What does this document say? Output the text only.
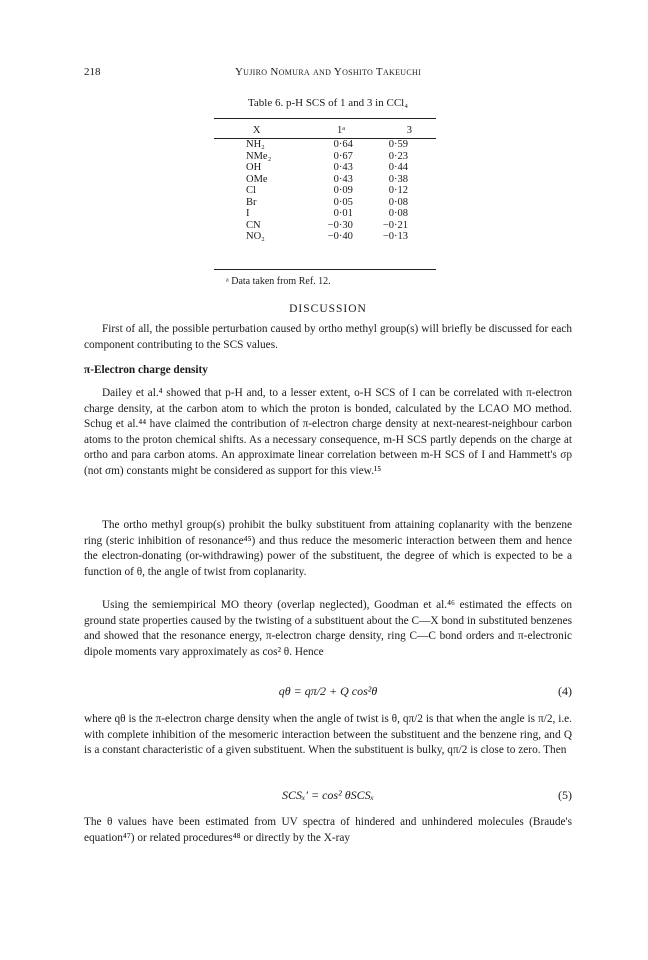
218	Yujiro Nomura and Yoshito Takeuchi
Table 6. p-H SCS of 1 and 3 in CCl₄
X	1ᵃ	3
NH₂	0·64	0·59
NMe₂	0·67	0·23
OH	0·43	0·44
OMe	0·43	0·38
Cl	0·09	0·12
Br	0·05	0·08
I	0·01	0·08
CN	−0·30	−0·21
NO₂	−0·40	−0·13
ᵃ Data taken from Ref. 12.
DISCUSSION

First of all, the possible perturbation caused by ortho methyl group(s) will briefly be discussed for each component contributing to the SCS values.

π-Electron charge density

Dailey et al.⁴ showed that p-H and, to a lesser extent, o-H SCS of I can be correlated with π-electron charge density, at the carbon atom to which the proton is bonded, calculated by the LCAO MO method. Schug et al.⁴⁴ have claimed the contribution of π-electron charge density at next-nearest-neighbour carbon atoms to the proton chemical shifts. As a necessary consequence, m-H SCS partly depends on the charge at ortho and para carbon atoms. An approximate linear correlation between m-H SCS of I and Hammett's σp (not σm) constants might be considered as support for this view.¹⁵

The ortho methyl group(s) prohibit the bulky substituent from attaining coplanarity with the benzene ring (steric inhibition of resonance⁴⁵) and thus reduce the mesomeric interaction between them and hence the electron-donating (or-withdrawing) power of the substituent, the degree of which is expected to be a function of θ, the angle of twist from coplanarity.

Using the semiempirical MO theory (overlap neglected), Goodman et al.⁴⁶ estimated the effects on ground state properties caused by the twisting of a substituent about the C—X bond in substituted benzenes and showed that the resonance energy, π-electron charge density, ring C—C bond orders and π-electronic dipole moments vary approximately as cos² θ. Hence

qθ = qπ/2 + Q cos²θ	(4)

where qθ is the π-electron charge density when the angle of twist is θ, qπ/2 is that when the angle is π/2, i.e. with complete inhibition of the mesomeric interaction between the substituent and the benzene ring, and Q is a constant characteristic of a given substituent. When the substituent is bulky, qπ/2 is close to zero. Then

SCSₓ′ = cos² θSCSₓ	(5)

The θ values have been estimated from UV spectra of hindered and unhindered molecules (Braude's equation⁴⁷) or related procedures⁴⁸ or directly by the X-ray
